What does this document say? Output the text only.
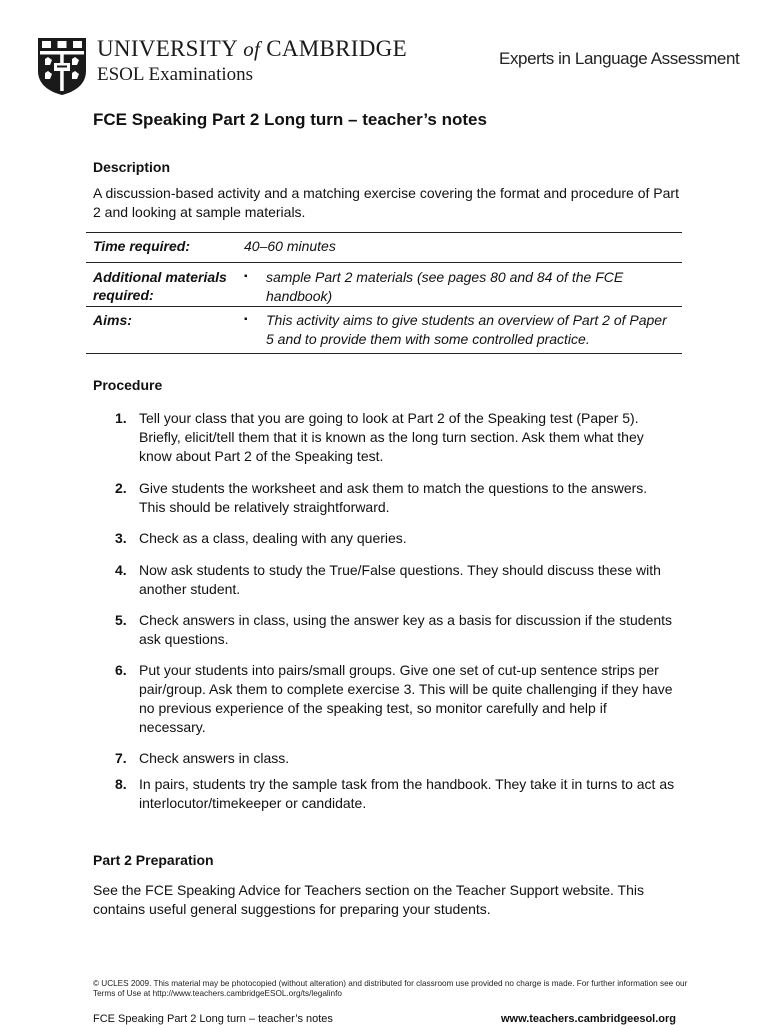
UNIVERSITY of CAMBRIDGE
ESOL Examinations
Experts in Language Assessment
FCE Speaking Part 2 Long turn – teacher’s notes
Description
A discussion-based activity and a matching exercise covering the format and procedure of Part 2 and looking at sample materials.
Time required:	40–60 minutes
Additional materials required:
▪ sample Part 2 materials (see pages 80 and 84 of the FCE handbook)
Aims:	▪ This activity aims to give students an overview of Part 2 of Paper 5 and to provide them with some controlled practice.
Procedure
1. Tell your class that you are going to look at Part 2 of the Speaking test (Paper 5). Briefly, elicit/tell them that it is known as the long turn section. Ask them what they know about Part 2 of the Speaking test.
2. Give students the worksheet and ask them to match the questions to the answers. This should be relatively straightforward.
3. Check as a class, dealing with any queries.
4. Now ask students to study the True/False questions. They should discuss these with another student.
5. Check answers in class, using the answer key as a basis for discussion if the students ask questions.
6. Put your students into pairs/small groups. Give one set of cut-up sentence strips per pair/group. Ask them to complete exercise 3. This will be quite challenging if they have no previous experience of the speaking test, so monitor carefully and help if necessary.
7. Check answers in class.
8. In pairs, students try the sample task from the handbook. They take it in turns to act as interlocutor/timekeeper or candidate.
Part 2 Preparation
See the FCE Speaking Advice for Teachers section on the Teacher Support website. This contains useful general suggestions for preparing your students.
© UCLES 2009. This material may be photocopied (without alteration) and distributed for classroom use provided no charge is made. For further information see our Terms of Use at http://www.teachers.cambridgeESOL.org/ts/legalinfo
FCE Speaking Part 2 Long turn – teacher’s notes	www.teachers.cambridgeesol.org
